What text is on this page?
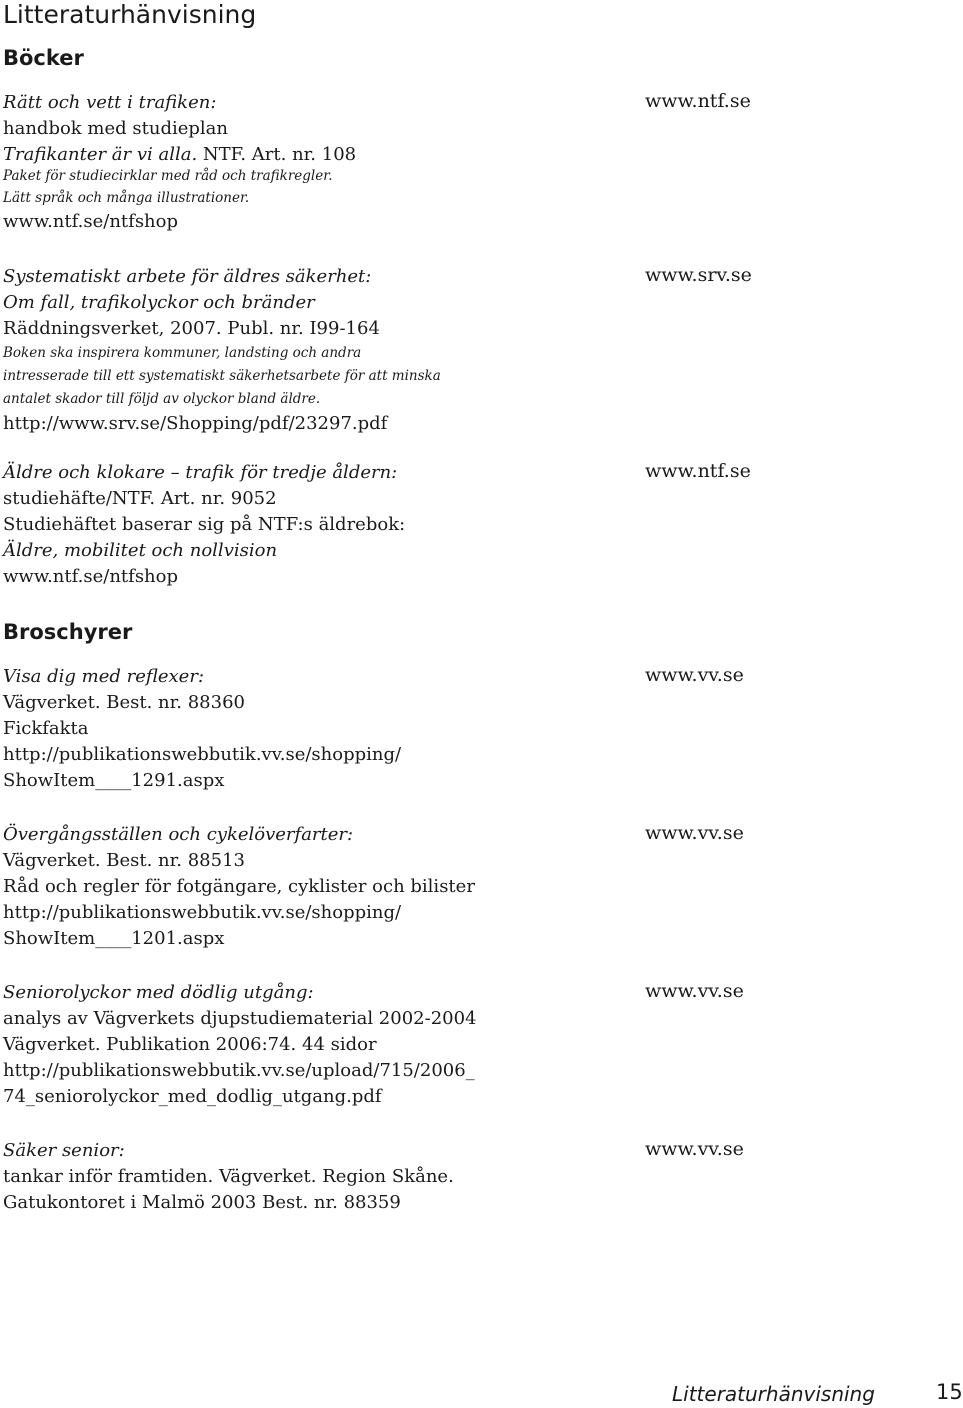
Litteraturhänvisning
Böcker
Rätt och vett i trafiken:
handbok med studieplan
Trafikanter är vi alla. NTF. Art. nr. 108
Paket för studiecirklar med råd och trafikregler.
Lätt språk och många illustrationer.
www.ntf.se/ntfshop
www.ntf.se
Systematiskt arbete för äldres säkerhet:
Om fall, trafikolyckor och bränder
Räddningsverket, 2007. Publ. nr. I99-164
Boken ska inspirera kommuner, landsting och andra
intresserade till ett systematiskt säkerhetsarbete för att minska
antalet skador till följd av olyckor bland äldre.
http://www.srv.se/Shopping/pdf/23297.pdf
www.srv.se
Äldre och klokare – trafik för tredje åldern:
studiehäfte/NTF. Art. nr. 9052
Studiehäftet baserar sig på NTF:s äldrebok:
Äldre, mobilitet och nollvision
www.ntf.se/ntfshop
www.ntf.se
Broschyrer
Visa dig med reflexer:
Vägverket. Best. nr. 88360
Fickfakta
http://publikationswebbutik.vv.se/shopping/
ShowItem____1291.aspx
www.vv.se
Övergångsställen och cykelöverfarter:
Vägverket. Best. nr. 88513
Råd och regler för fotgängare, cyklister och bilister
http://publikationswebbutik.vv.se/shopping/
ShowItem____1201.aspx
www.vv.se
Seniorolyckor med dödlig utgång:
analys av Vägverkets djupstudiematerial 2002-2004
Vägverket. Publikation 2006:74. 44 sidor
http://publikationswebbutik.vv.se/upload/715/2006_
74_seniorolyckor_med_dodlig_utgang.pdf
www.vv.se
Säker senior:
tankar inför framtiden. Vägverket. Region Skåne.
Gatukontoret i Malmö 2003 Best. nr. 88359
www.vv.se
Litteraturhänvisning	15
